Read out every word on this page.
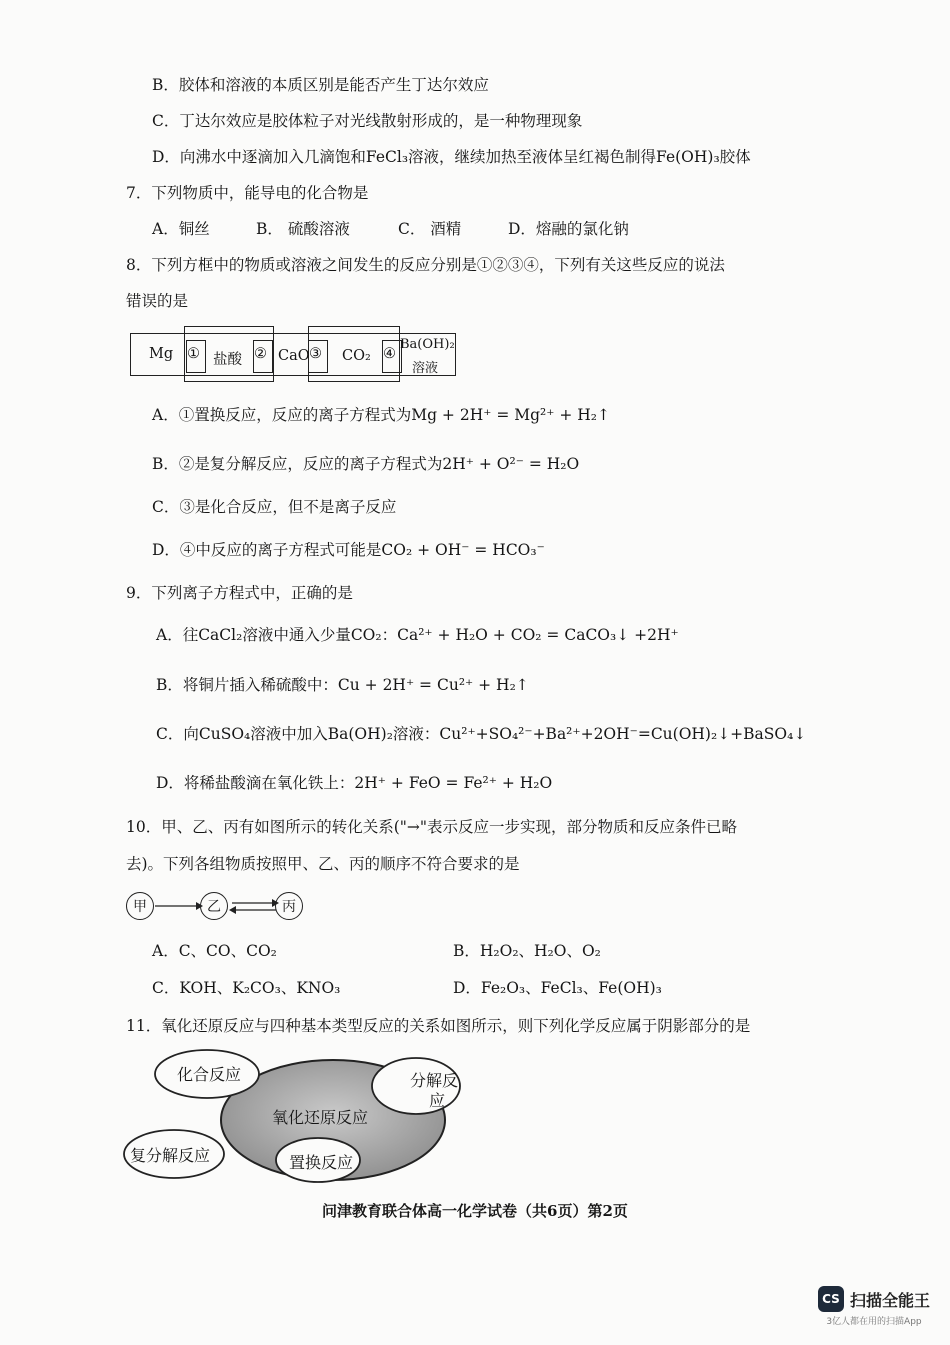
B．胶体和溶液的本质区别是能否产生丁达尔效应
C．丁达尔效应是胶体粒子对光线散射形成的，是一种物理现象
D．向沸水中逐滴加入几滴饱和FeCl₃溶液，继续加热至液体呈红褐色制得Fe(OH)₃胶体
7．下列物质中，能导电的化合物是
A．铜丝	B． 硫酸溶液	C． 酒精	D．熔融的氯化钠
8．下列方框中的物质或溶液之间发生的反应分别是①②③④，下列有关这些反应的说法
错误的是
Mg ① 盐酸 ② CaO ③ CO₂ ④
Ba(OH)₂
溶液
A．①置换反应，反应的离子方程式为Mg + 2H⁺ = Mg²⁺ + H₂↑
B．②是复分解反应，反应的离子方程式为2H⁺ + O²⁻ = H₂O
C．③是化合反应，但不是离子反应
D．④中反应的离子方程式可能是CO₂ + OH⁻ = HCO₃⁻
9．下列离子方程式中，正确的是
A．往CaCl₂溶液中通入少量CO₂：Ca²⁺ + H₂O + CO₂ = CaCO₃↓ +2H⁺
B．将铜片插入稀硫酸中：Cu + 2H⁺ = Cu²⁺ + H₂↑
C．向CuSO₄溶液中加入Ba(OH)₂溶液：Cu²⁺+SO₄²⁻+Ba²⁺+2OH⁻=Cu(OH)₂↓+BaSO₄↓
D．将稀盐酸滴在氧化铁上：2H⁺ + FeO = Fe²⁺ + H₂O
10．甲、乙、丙有如图所示的转化关系("→"表示反应一步实现，部分物质和反应条件已略
去)。下列各组物质按照甲、乙、丙的顺序不符合要求的是
甲	乙	丙
A．C、CO、CO₂	B．H₂O₂、H₂O、O₂
C．KOH、K₂CO₃、KNO₃	D．Fe₂O₃、FeCl₃、Fe(OH)₃
11．氧化还原反应与四种基本类型反应的关系如图所示，则下列化学反应属于阴影部分的是
化合反应	分解反
应
氧化还原反应
复分解反应	置换反应
问津教育联合体高一化学试卷（共6页）第2页
CS 扫描全能王
3亿人都在用的扫描App
